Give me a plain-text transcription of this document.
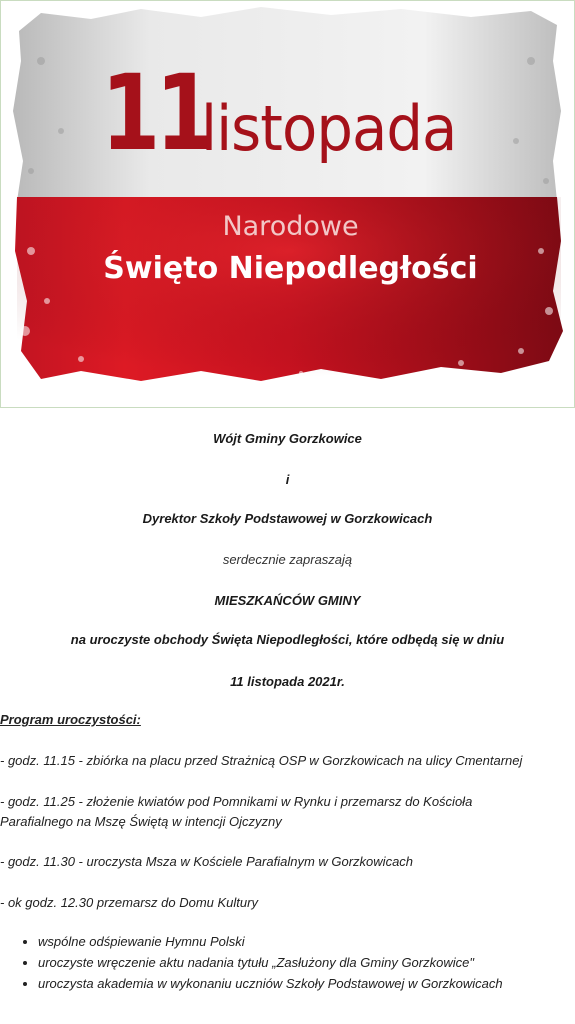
11
listopada
Narodowe
Święto Niepodległości
Wójt Gminy Gorzkowice
i
Dyrektor Szkoły Podstawowej w Gorzkowicach
serdecznie zapraszają
MIESZKAŃCÓW GMINY
na uroczyste obchody Święta Niepodległości, które odbędą się w dniu
11 listopada 2021r.
Program uroczystości:
- godz. 11.15 - zbiórka na placu przed Strażnicą OSP w Gorzkowicach na ulicy Cmentarnej
- godz. 11.25 - złożenie kwiatów pod Pomnikami w Rynku i przemarsz do Kościoła
Parafialnego na Mszę Świętą w intencji Ojczyzny
- godz. 11.30 - uroczysta Msza w Kościele Parafialnym w Gorzkowicach
- ok godz. 12.30 przemarsz do Domu Kultury
• wspólne odśpiewanie Hymnu Polski
• uroczyste wręczenie aktu nadania tytułu „Zasłużony dla Gminy Gorzkowice"
• uroczysta akademia w wykonaniu uczniów Szkoły Podstawowej w Gorzkowicach
